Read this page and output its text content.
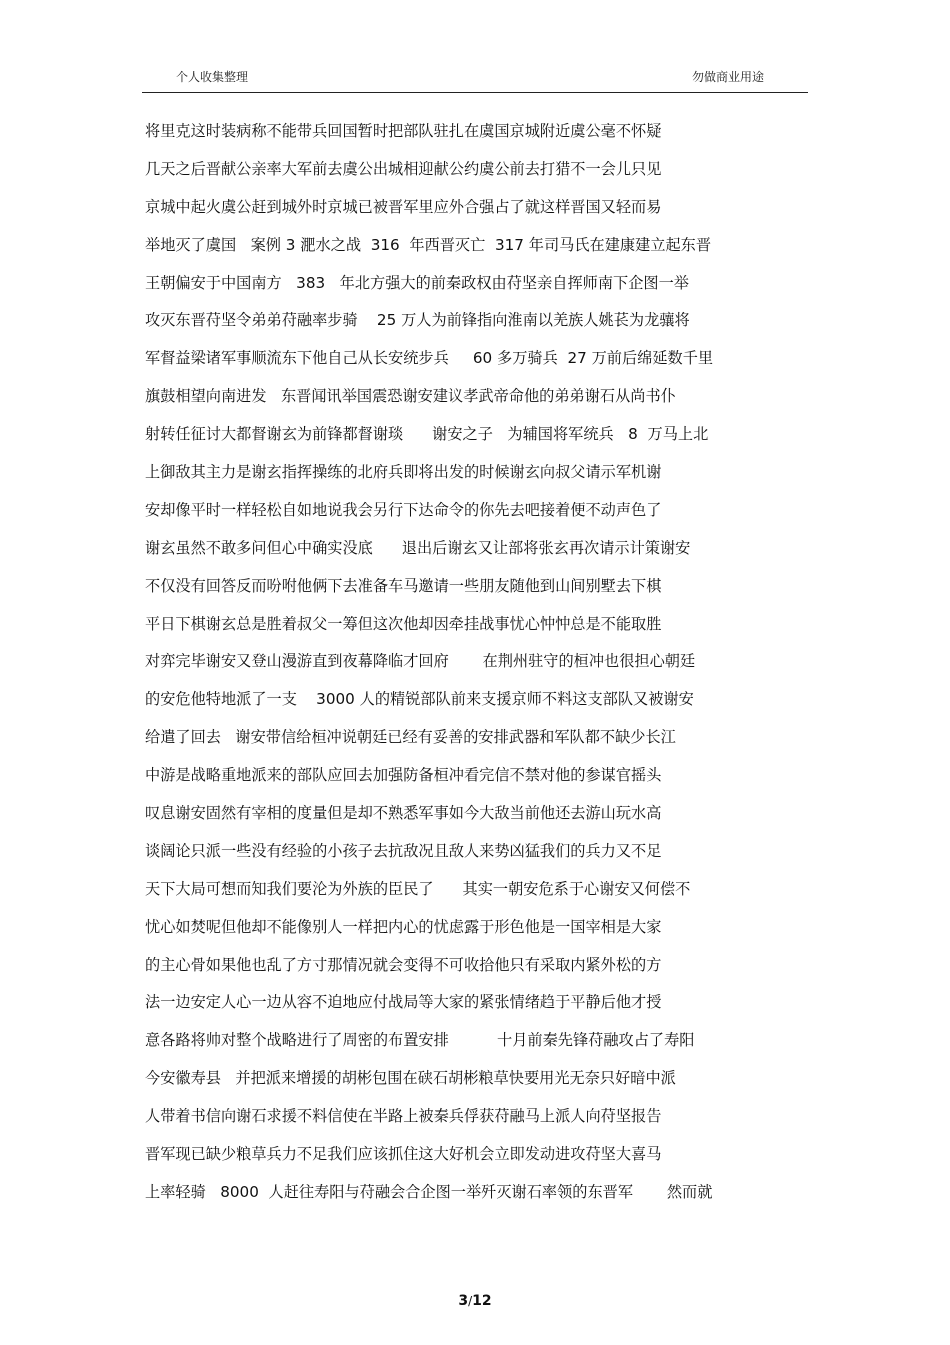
个人收集整理	勿做商业用途
将里克这时装病称不能带兵回国暂时把部队驻扎在虞国京城附近虞公毫不怀疑
几天之后晋献公亲率大军前去虞公出城相迎献公约虞公前去打猎不一会儿只见
京城中起火虞公赶到城外时京城已被晋军里应外合强占了就这样晋国又轻而易
举地灭了虞国   案例 3 淝水之战  316  年西晋灭亡  317 年司马氏在建康建立起东晋
王朝偏安于中国南方   383   年北方强大的前秦政权由苻坚亲自挥师南下企图一举
攻灭东晋苻坚令弟弟苻融率步骑    25 万人为前锋指向淮南以羌族人姚苌为龙骧将
军督益梁诸军事顺流东下他自己从长安统步兵     60 多万骑兵  27 万前后绵延数千里
旗鼓相望向南进发   东晋闻讯举国震恐谢安建议孝武帝命他的弟弟谢石从尚书仆
射转任征讨大都督谢玄为前锋都督谢琰      谢安之子   为辅国将军统兵   8  万马上北
上御敌其主力是谢玄指挥操练的北府兵即将出发的时候谢玄向叔父请示军机谢
安却像平时一样轻松自如地说我会另行下达命令的你先去吧接着便不动声色了
谢玄虽然不敢多问但心中确实没底      退出后谢玄又让部将张玄再次请示计策谢安
不仅没有回答反而吩咐他俩下去准备车马邀请一些朋友随他到山间别墅去下棋
平日下棋谢玄总是胜着叔父一筹但这次他却因牵挂战事忧心忡忡总是不能取胜
对弈完毕谢安又登山漫游直到夜幕降临才回府       在荆州驻守的桓冲也很担心朝廷
的安危他特地派了一支    3000 人的精锐部队前来支援京师不料这支部队又被谢安
给遣了回去   谢安带信给桓冲说朝廷已经有妥善的安排武器和军队都不缺少长江
中游是战略重地派来的部队应回去加强防备桓冲看完信不禁对他的参谋官摇头
叹息谢安固然有宰相的度量但是却不熟悉军事如今大敌当前他还去游山玩水高
谈阔论只派一些没有经验的小孩子去抗敌况且敌人来势凶猛我们的兵力又不足
天下大局可想而知我们要沦为外族的臣民了      其实一朝安危系于心谢安又何偿不
忧心如焚呢但他却不能像别人一样把内心的忧虑露于形色他是一国宰相是大家
的主心骨如果他也乱了方寸那情况就会变得不可收拾他只有采取内紧外松的方
法一边安定人心一边从容不迫地应付战局等大家的紧张情绪趋于平静后他才授
意各路将帅对整个战略进行了周密的布置安排          十月前秦先锋苻融攻占了寿阳
今安徽寿县   并把派来增援的胡彬包围在硖石胡彬粮草快要用光无奈只好暗中派
人带着书信向谢石求援不料信使在半路上被秦兵俘获苻融马上派人向苻坚报告
晋军现已缺少粮草兵力不足我们应该抓住这大好机会立即发动进攻苻坚大喜马
上率轻骑   8000  人赶往寿阳与苻融会合企图一举歼灭谢石率领的东晋军       然而就
3/12
